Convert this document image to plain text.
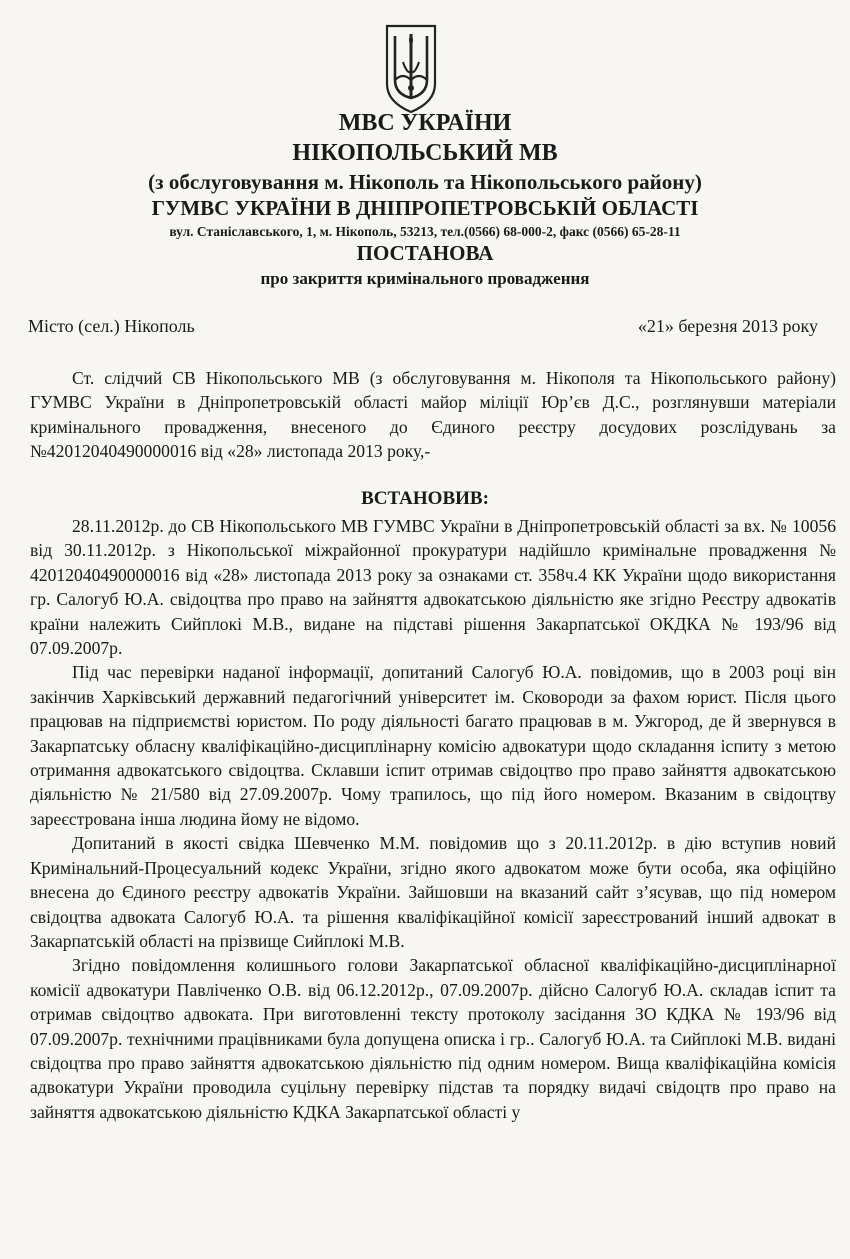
МВС УКРАЇНИ
НІКОПОЛЬСЬКИЙ МВ
(з обслуговування м. Нікополь та Нікопольського району)
ГУМВС УКРАЇНИ В ДНІПРОПЕТРОВСЬКІЙ ОБЛАСТІ
вул. Станіславського, 1, м. Нікополь, 53213, тел.(0566) 68-000-2, факс (0566) 65-28-11
ПОСТАНОВА
про закриття кримінального провадження
Місто (сел.) Нікополь	«21» березня 2013 року

Ст. слідчий СВ Нікопольського МВ (з обслуговування м. Нікополя та Нікопольського району) ГУМВС України в Дніпропетровській області майор міліції Юр’єв Д.С., розглянувши матеріали кримінального провадження, внесеного до Єдиного реєстру досудових розслідувань за №42012040490000016 від «28» листопада 2013 року,-

ВСТАНОВИВ:

28.11.2012р. до СВ Нікопольського МВ ГУМВС України в Дніпропетровській області за вх. № 10056 від 30.11.2012р. з Нікопольської міжрайонної прокуратури надійшло кримінальне провадження № 42012040490000016 від «28» листопада 2013 року за ознаками ст. 358ч.4 КК України щодо використання гр. Салогуб Ю.А. свідоцтва про право на зайняття адвокатською діяльністю яке згідно Реєстру адвокатів країни належить Сийплокі М.В., видане на підставі рішення Закарпатської ОКДКА № 193/96 від 07.09.2007р.

Під час перевірки наданої інформації, допитаний Салогуб Ю.А. повідомив, що в 2003 році він закінчив Харківський державний педагогічний університет ім. Сковороди за фахом юрист. Після цього працював на підприємстві юристом. По роду діяльності багато працював в м. Ужгород, де й звернувся в Закарпатську обласну кваліфікаційно-дисциплінарну комісію адвокатури щодо складання іспиту з метою отримання адвокатського свідоцтва. Склавши іспит отримав свідоцтво про право зайняття адвокатською діяльністю № 21/580 від 27.09.2007р. Чому трапилось, що під його номером. Вказаним в свідоцтву зареєстрована інша людина йому не відомо.

Допитаний в якості свідка Шевченко М.М. повідомив що з 20.11.2012р. в дію вступив новий Кримінальний-Процесуальний кодекс України, згідно якого адвокатом може бути особа, яка офіційно внесена до Єдиного реєстру адвокатів України. Зайшовши на вказаний сайт з’ясував, що під номером свідоцтва адвоката Салогуб Ю.А. та рішення кваліфікаційної комісії зареєстрований інший адвокат в Закарпатській області на прізвище Сийплокі М.В.

Згідно повідомлення колишнього голови Закарпатської обласної кваліфікаційно-дисциплінарної комісії адвокатури Павліченко О.В. від 06.12.2012р., 07.09.2007р. дійсно Салогуб Ю.А. складав іспит та отримав свідоцтво адвоката. При виготовленні тексту протоколу засідання ЗО КДКА № 193/96 від 07.09.2007р. технічними працівниками була допущена описка і гр.. Салогуб Ю.А. та Сийплокі М.В. видані свідоцтва про право зайняття адвокатською діяльністю під одним номером. Вища кваліфікаційна комісія адвокатури України проводила суцільну перевірку підстав та порядку видачі свідоцтв про право на зайняття адвокатською діяльністю КДКА Закарпатської області у
